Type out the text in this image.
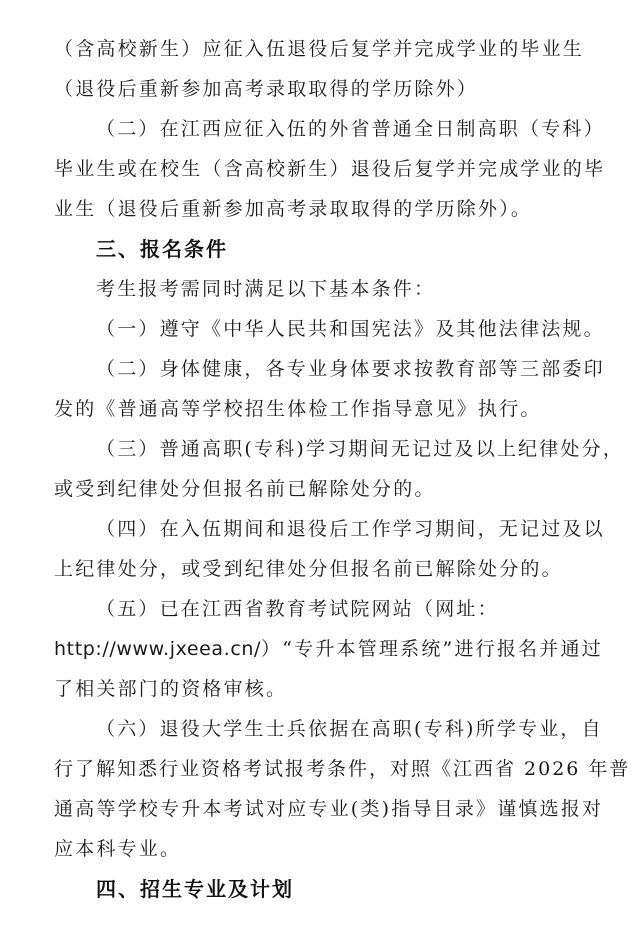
（含高校新生）应征入伍退役后复学并完成学业的毕业生
（退役后重新参加高考录取取得的学历除外）
（二）在江西应征入伍的外省普通全日制高职（专科）
毕业生或在校生（含高校新生）退役后复学并完成学业的毕
业生（退役后重新参加高考录取取得的学历除外）。
三、报名条件
考生报考需同时满足以下基本条件：
（一）遵守《中华人民共和国宪法》及其他法律法规。
（二）身体健康，各专业身体要求按教育部等三部委印
发的《普通高等学校招生体检工作指导意见》执行。
（三）普通高职(专科)学习期间无记过及以上纪律处分，
或受到纪律处分但报名前已解除处分的。
（四）在入伍期间和退役后工作学习期间，无记过及以
上纪律处分，或受到纪律处分但报名前已解除处分的。
（五）已在江西省教育考试院网站（网址：
http://www.jxeea.cn/）“专升本管理系统”进行报名并通过
了相关部门的资格审核。
（六）退役大学生士兵依据在高职(专科)所学专业，自
行了解知悉行业资格考试报考条件，对照《江西省 2026 年普
通高等学校专升本考试对应专业(类)指导目录》谨慎选报对
应本科专业。
四、招生专业及计划
